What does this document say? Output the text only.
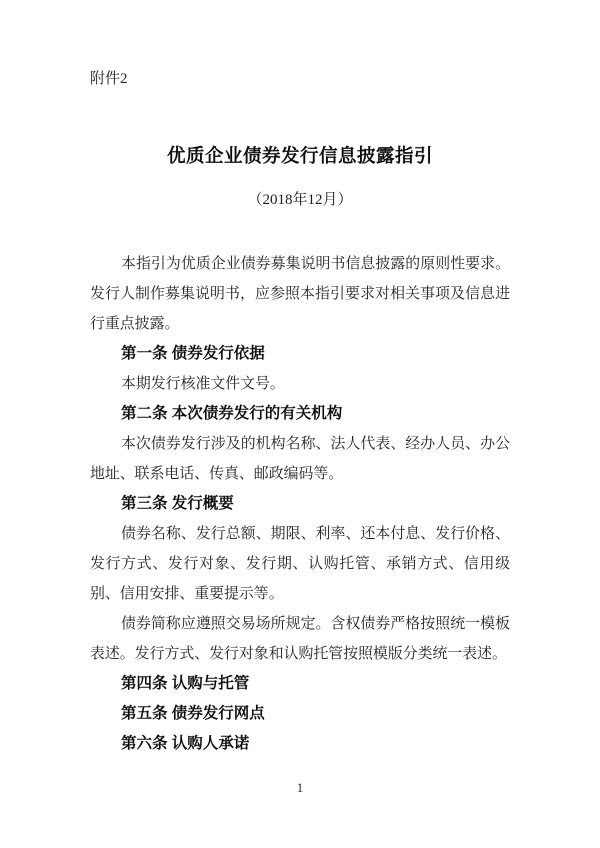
附件2
优质企业债券发行信息披露指引
（2018年12月）

本指引为优质企业债券募集说明书信息披露的原则性要求。发行人制作募集说明书，应参照本指引要求对相关事项及信息进行重点披露。

第一条 债券发行依据

本期发行核准文件文号。

第二条 本次债券发行的有关机构

本次债券发行涉及的机构名称、法人代表、经办人员、办公地址、联系电话、传真、邮政编码等。

第三条 发行概要

债券名称、发行总额、期限、利率、还本付息、发行价格、发行方式、发行对象、发行期、认购托管、承销方式、信用级别、信用安排、重要提示等。

债券简称应遵照交易场所规定。含权债券严格按照统一模板表述。发行方式、发行对象和认购托管按照模版分类统一表述。

第四条 认购与托管

第五条 债券发行网点

第六条 认购人承诺

1
